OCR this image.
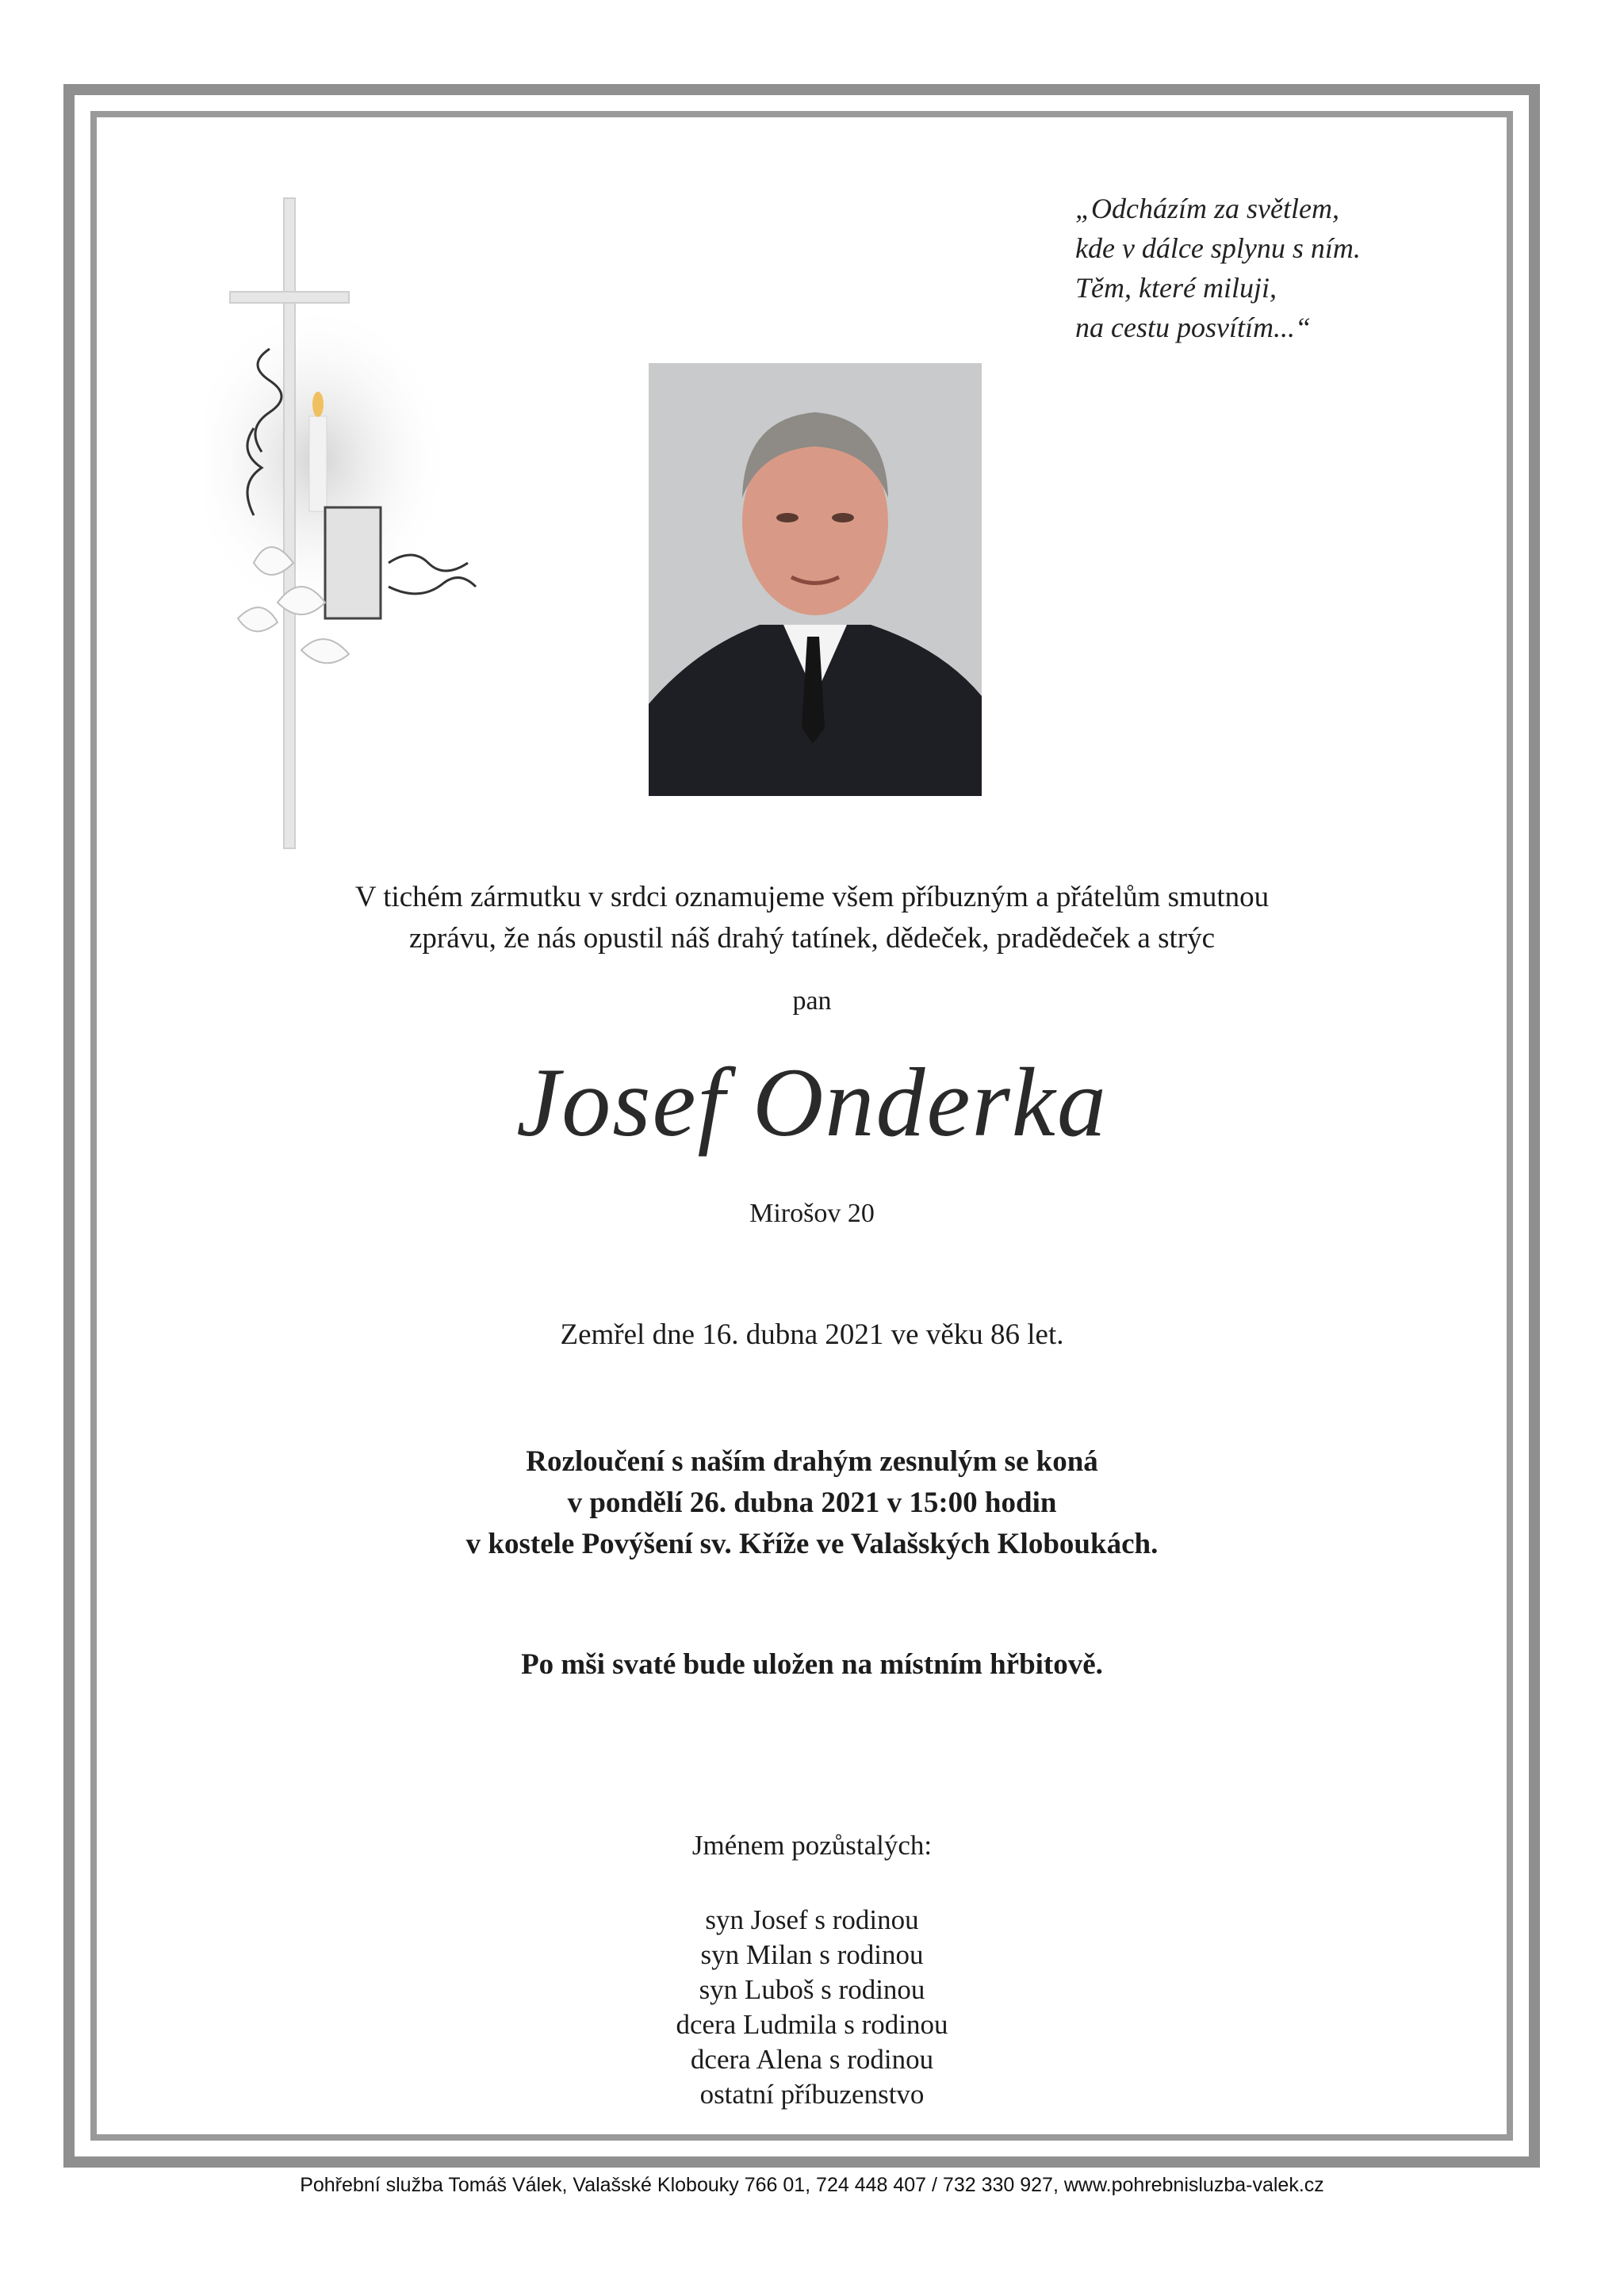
„Odcházím za světlem,
kde v dálce splynu s ním.
Těm, které miluji,
na cestu posvítím...“
V tichém zármutku v srdci oznamujeme všem příbuzným a přátelům smutnou
zprávu, že nás opustil náš drahý tatínek, dědeček, pradědeček a strýc
pan
Josef Onderka
Mirošov 20
Zemřel dne 16. dubna 2021 ve věku 86 let.
Rozloučení s naším drahým zesnulým se koná
v pondělí 26. dubna 2021 v 15:00 hodin
v kostele Povýšení sv. Kříže ve Valašských Kloboukách.
Po mši svaté bude uložen na místním hřbitově.
Jménem pozůstalých:
syn Josef s rodinou
syn Milan s rodinou
syn Luboš s rodinou
dcera Ludmila s rodinou
dcera Alena s rodinou
ostatní příbuzenstvo
Pohřební služba Tomáš Válek, Valašské Klobouky 766 01, 724 448 407 / 732 330 927, www.pohrebnisluzba-valek.cz
